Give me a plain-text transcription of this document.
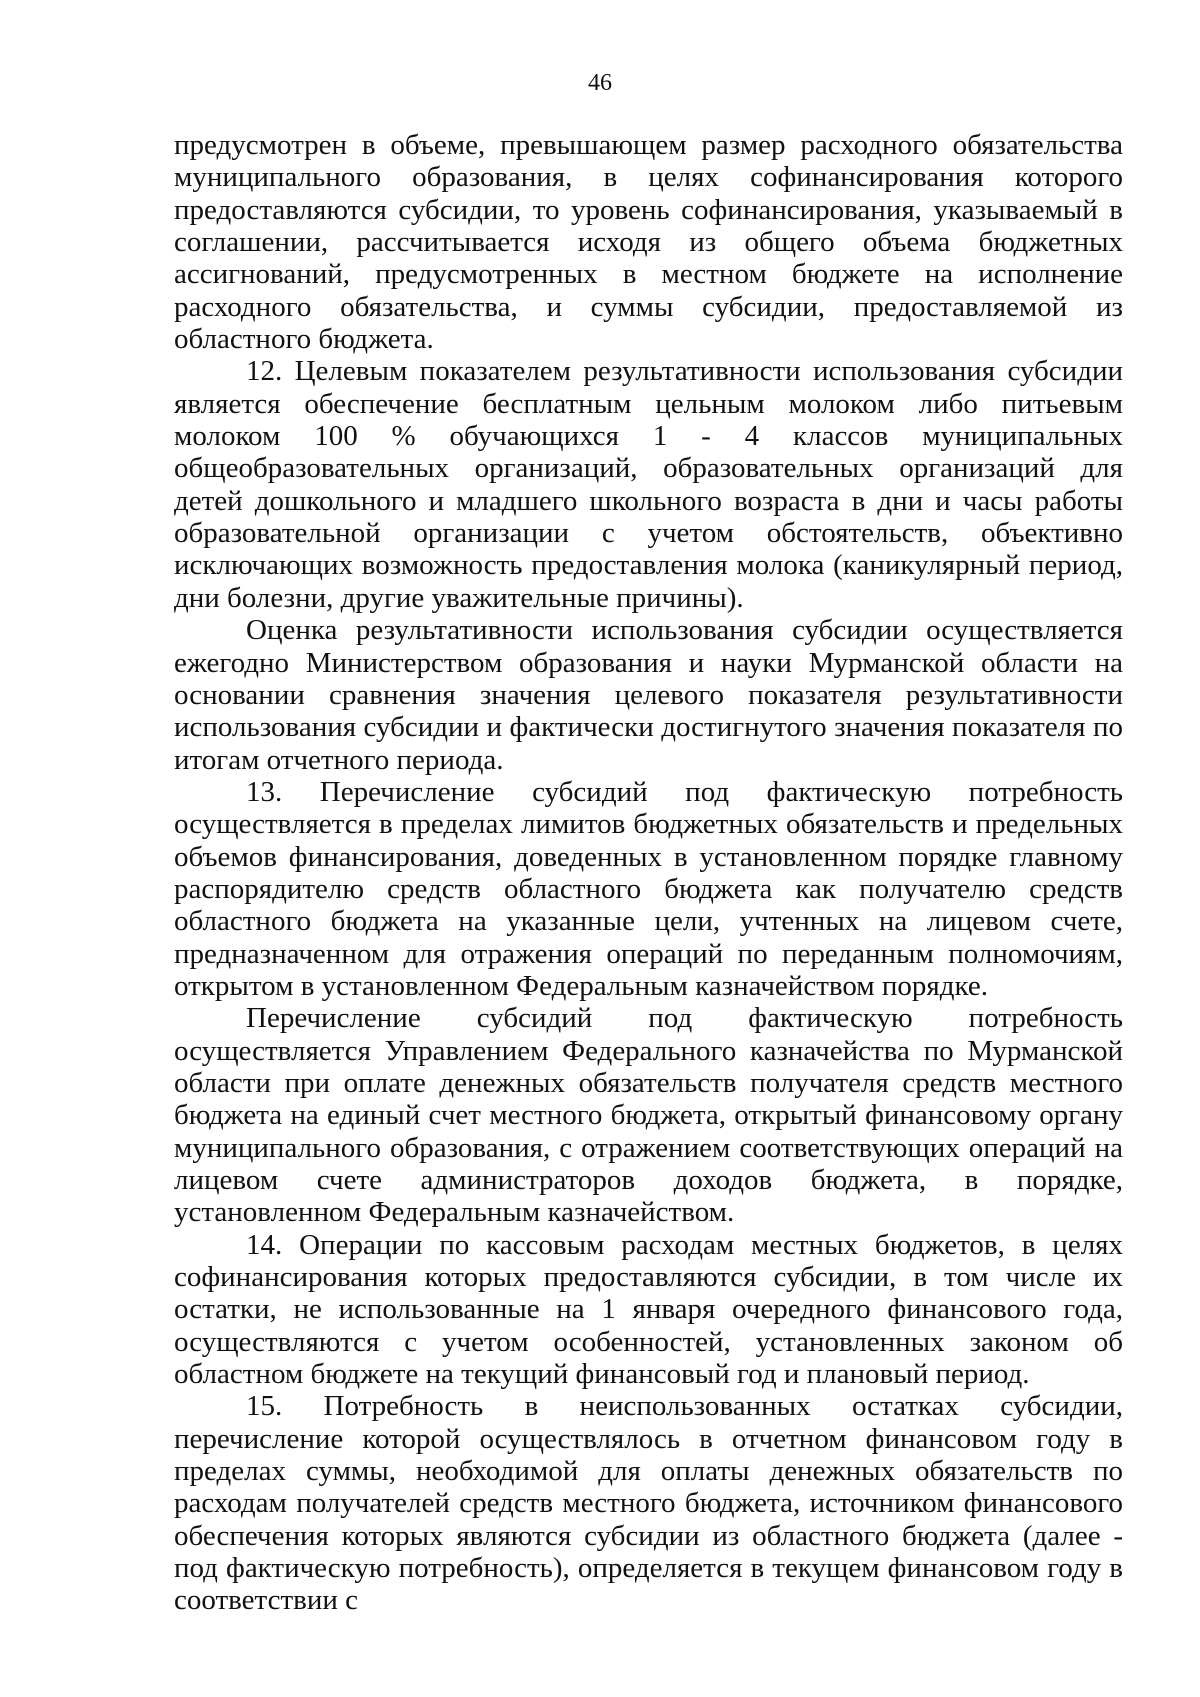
46

предусмотрен в объеме, превышающем размер расходного обязательства муниципального образования, в целях софинансирования которого предоставляются субсидии, то уровень софинансирования, указываемый в соглашении, рассчитывается исходя из общего объема бюджетных ассигнований, предусмотренных в местном бюджете на исполнение расходного обязательства, и суммы субсидии, предоставляемой из областного бюджета.

12. Целевым показателем результативности использования субсидии является обеспечение бесплатным цельным молоком либо питьевым молоком 100 % обучающихся 1 - 4 классов муниципальных общеобразовательных организаций, образовательных организаций для детей дошкольного и младшего школьного возраста в дни и часы работы образовательной организации с учетом обстоятельств, объективно исключающих возможность предоставления молока (каникулярный период, дни болезни, другие уважительные причины).

Оценка результативности использования субсидии осуществляется ежегодно Министерством образования и науки Мурманской области на основании сравнения значения целевого показателя результативности использования субсидии и фактически достигнутого значения показателя по итогам отчетного периода.

13. Перечисление субсидий под фактическую потребность осуществляется в пределах лимитов бюджетных обязательств и предельных объемов финансирования, доведенных в установленном порядке главному распорядителю средств областного бюджета как получателю средств областного бюджета на указанные цели, учтенных на лицевом счете, предназначенном для отражения операций по переданным полномочиям, открытом в установленном Федеральным казначейством порядке.

Перечисление субсидий под фактическую потребность осуществляется Управлением Федерального казначейства по Мурманской области при оплате денежных обязательств получателя средств местного бюджета на единый счет местного бюджета, открытый финансовому органу муниципального образования, с отражением соответствующих операций на лицевом счете администраторов доходов бюджета, в порядке, установленном Федеральным казначейством.

14. Операции по кассовым расходам местных бюджетов, в целях софинансирования которых предоставляются субсидии, в том числе их остатки, не использованные на 1 января очередного финансового года, осуществляются с учетом особенностей, установленных законом об областном бюджете на текущий финансовый год и плановый период.

15. Потребность в неиспользованных остатках субсидии, перечисление которой осуществлялось в отчетном финансовом году в пределах суммы, необходимой для оплаты денежных обязательств по расходам получателей средств местного бюджета, источником финансового обеспечения которых являются субсидии из областного бюджета (далее - под фактическую потребность), определяется в текущем финансовом году в соответствии с
